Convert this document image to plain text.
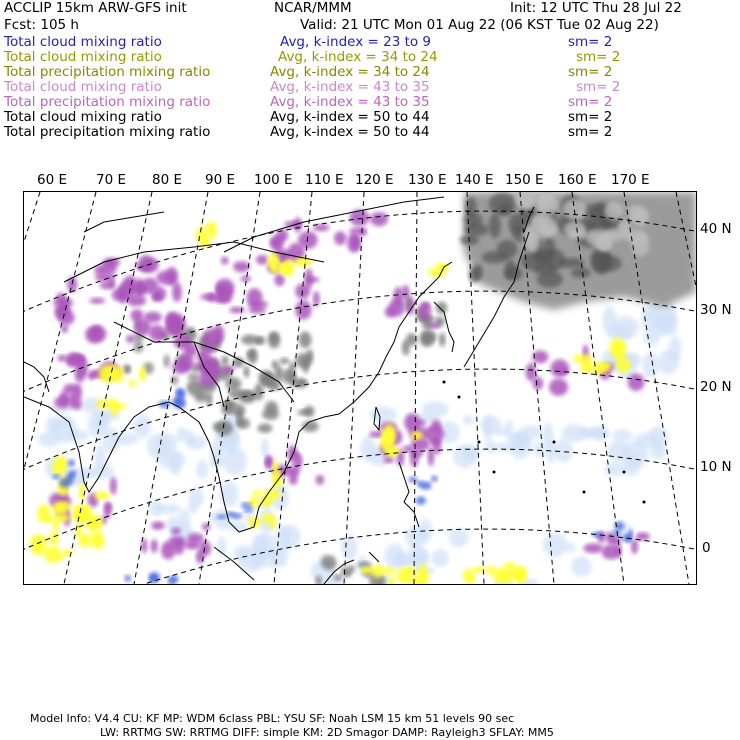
ACCLIP 15km ARW-GFS init	NCAR/MMM	Init: 12 UTC Thu 28 Jul 22
Fcst: 105 h	Valid: 21 UTC Mon 01 Aug 22 (06 KST Tue 02 Aug 22)
Total cloud mixing ratio	Avg, k-index = 23 to 9	sm= 2
Total cloud mixing ratio	Avg, k-index = 34 to 24	sm= 2
Total precipitation mixing ratio	Avg, k-index = 34 to 24	sm= 2
Total cloud mixing ratio	Avg, k-index = 43 to 35	sm= 2
Total precipitation mixing ratio	Avg, k-index = 43 to 35	sm= 2
Total cloud mixing ratio	Avg, k-index = 50 to 44	sm= 2
Total precipitation mixing ratio	Avg, k-index = 50 to 44	sm= 2
60 E 70 E 80 E 90 E 100 E 110 E 120 E 130 E 140 E 150 E 160 E 170 E
40 N
30 N
20 N
10 N
0
Model Info: V4.4 CU: KF MP: WDM 6class PBL: YSU SF: Noah LSM 15 km 51 levels 90 sec
LW: RRTMG SW: RRTMG DIFF: simple KM: 2D Smagor DAMP: Rayleigh3 SFLAY: MM5
